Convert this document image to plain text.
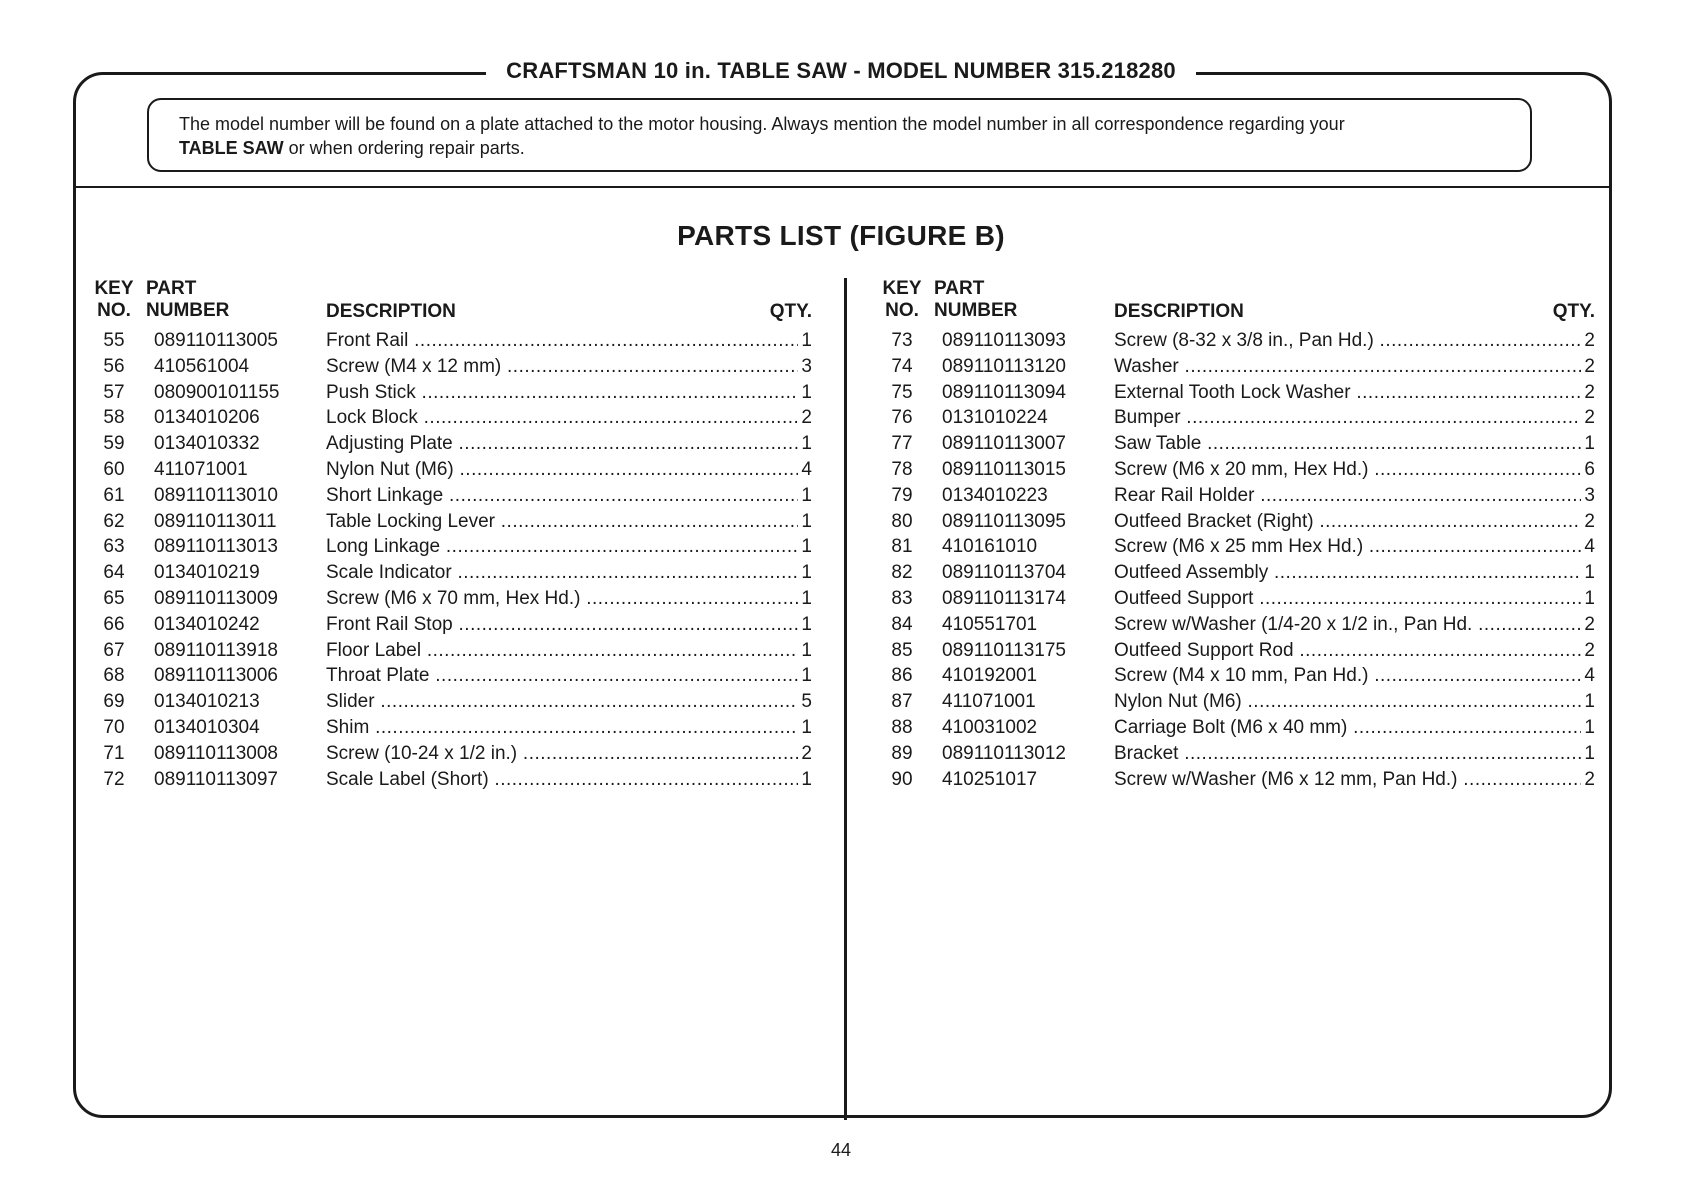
CRAFTSMAN 10 in. TABLE SAW - MODEL NUMBER 315.218280
The model number will be found on a plate attached to the motor housing. Always mention the model number in all correspondence regarding your
TABLE SAW or when ordering repair parts.
PARTS LIST (FIGURE B)
KEY
NO.
PART
NUMBER	DESCRIPTION	QTY.
55	089110113005	Front Rail .....	1
56	410561004	Screw (M4 x 12 mm) .....	3
57	080900101155 Push Stick .....	1
58	0134010206	Lock Block .....	2
59	0134010332	Adjusting Plate .....	1
60	411071001	Nylon Nut (M6) .....	4
61	089110113010	Short Linkage .....	1
62	089110113011	Table Locking Lever .....	1
63	089110113013	Long Linkage .....	1
64	0134010219	Scale Indicator .....	1
65	089110113009	Screw (M6 x 70 mm, Hex Hd.) .....	1
66	0134010242	Front Rail Stop .....	1
67	089110113918	Floor Label .....	1
68	089110113006	Throat Plate .....	1
69	0134010213	Slider .....	5
70	0134010304	Shim .....	1
71	089110113008	Screw (10-24 x 1/2 in.) .....	2
72	089110113097	Scale Label (Short) .....	1
KEY
NO.
PART
NUMBER	DESCRIPTION	QTY.
73	089110113093	Screw (8-32 x 3/8 in., Pan Hd.) .....	2
74	089110113120	Washer .....	2
75	089110113094	External Tooth Lock Washer .....	2
76	0131010224	Bumper .....	2
77	089110113007	Saw Table .....	1
78	089110113015	Screw (M6 x 20 mm, Hex Hd.) .....	6
79	0134010223	Rear Rail Holder .....	3
80	089110113095	Outfeed Bracket (Right) .....	2
81	410161010	Screw (M6 x 25 mm Hex Hd.) .....	4
82	089110113704	Outfeed Assembly .....	1
83	089110113174	Outfeed Support .....	1
84	410551701	Screw w/Washer (1/4-20 x 1/2 in., Pan Hd. .....	2
85	089110113175	Outfeed Support Rod .....	2
86	410192001	Screw (M4 x 10 mm, Pan Hd.) .....	4
87	411071001	Nylon Nut (M6) .....	1
88	410031002	Carriage Bolt (M6 x 40 mm) .....	1
89	089110113012	Bracket .....	1
90	410251017	Screw w/Washer (M6 x 12 mm, Pan Hd.) .....	2
44
